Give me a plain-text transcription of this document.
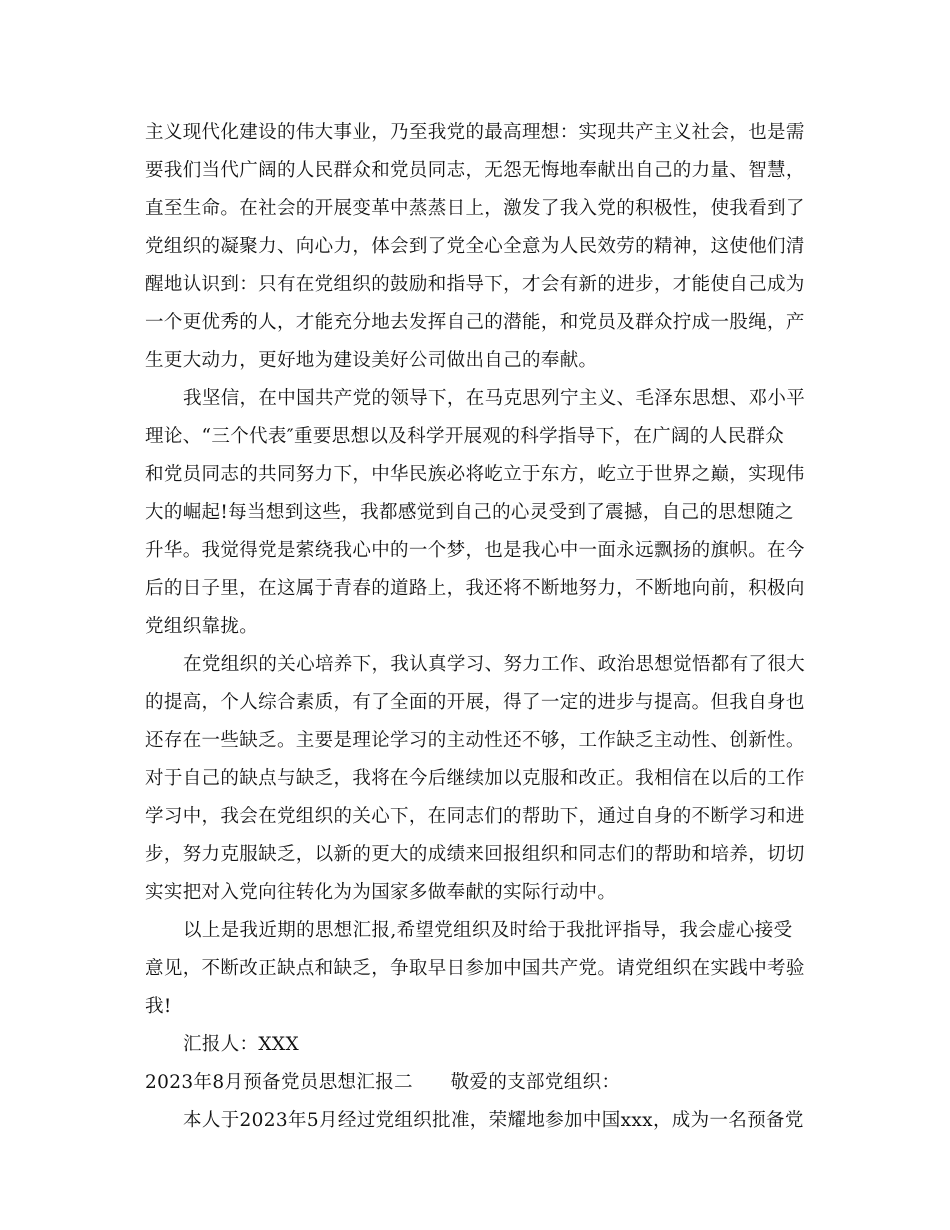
主义现代化建设的伟大事业，乃至我党的最高理想：实现共产主义社会，也是需
要我们当代广阔的人民群众和党员同志，无怨无悔地奉献出自己的力量、智慧，
直至生命。在社会的开展变革中蒸蒸日上，激发了我入党的积极性，使我看到了
党组织的凝聚力、向心力，体会到了党全心全意为人民效劳的精神，这使他们清
醒地认识到：只有在党组织的鼓励和指导下，才会有新的进步，才能使自己成为
一个更优秀的人，才能充分地去发挥自己的潜能，和党员及群众拧成一股绳，产
生更大动力，更好地为建设美好公司做出自己的奉献。
我坚信，在中国共产党的领导下，在马克思列宁主义、毛泽东思想、邓小平
理论、“三个代表″重要思想以及科学开展观的科学指导下，在广阔的人民群众
和党员同志的共同努力下，中华民族必将屹立于东方，屹立于世界之巅，实现伟
大的崛起!每当想到这些，我都感觉到自己的心灵受到了震撼，自己的思想随之
升华。我觉得党是萦绕我心中的一个梦，也是我心中一面永远飘扬的旗帜。在今
后的日子里，在这属于青春的道路上，我还将不断地努力，不断地向前，积极向
党组织靠拢。
在党组织的关心培养下，我认真学习、努力工作、政治思想觉悟都有了很大
的提高，个人综合素质，有了全面的开展，得了一定的进步与提高。但我自身也
还存在一些缺乏。主要是理论学习的主动性还不够，工作缺乏主动性、创新性。
对于自己的缺点与缺乏，我将在今后继续加以克服和改正。我相信在以后的工作
学习中，我会在党组织的关心下，在同志们的帮助下，通过自身的不断学习和进
步，努力克服缺乏，以新的更大的成绩来回报组织和同志们的帮助和培养，切切
实实把对入党向往转化为为国家多做奉献的实际行动中。
以上是我近期的思想汇报,希望党组织及时给于我批评指导，我会虚心接受
意见，不断改正缺点和缺乏，争取早日参加中国共产党。请党组织在实践中考验
我!
汇报人：XXX
2023年8月预备党员思想汇报二　　敬爱的支部党组织：
本人于2023年5月经过党组织批准，荣耀地参加中国xxx，成为一名预备党
